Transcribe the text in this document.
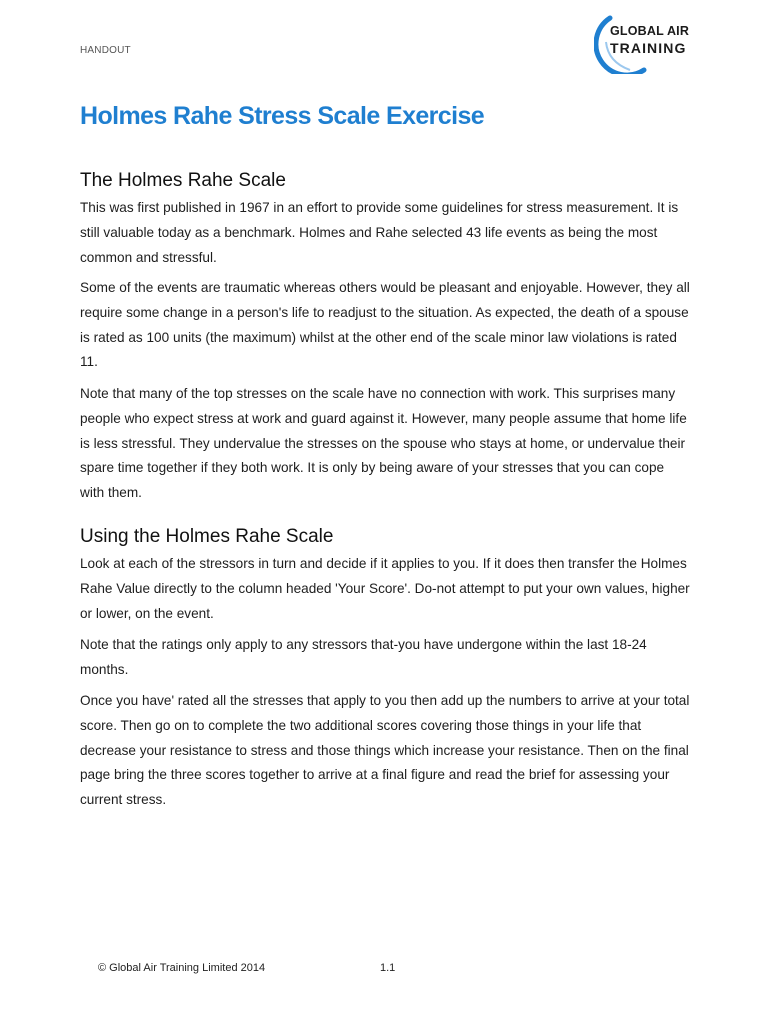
HANDOUT
GLOBAL AIR
TRAINING
Holmes Rahe Stress Scale Exercise
The Holmes Rahe Scale

This was first published in 1967 in an effort to provide some guidelines for stress measurement. It is still valuable today as a benchmark. Holmes and Rahe selected 43 life events as being the most common and stressful.

Some of the events are traumatic whereas others would be pleasant and enjoyable. However, they all require some change in a person's life to readjust to the situation. As expected, the death of a spouse is rated as 100 units (the maximum) whilst at the other end of the scale minor law violations is rated 11.

Note that many of the top stresses on the scale have no connection with work. This surprises many people who expect stress at work and guard against it. However, many people assume that home life is less stressful. They undervalue the stresses on the spouse who stays at home, or undervalue their spare time together if they both work. It is only by being aware of your stresses that you can cope with them.

Using the Holmes Rahe Scale

Look at each of the stressors in turn and decide if it applies to you. If it does then transfer the Holmes Rahe Value directly to the column headed 'Your Score'. Do-not attempt to put your own values, higher or lower, on the event.

Note that the ratings only apply to any stressors that-you have undergone within the last 18-24 months.

Once you have' rated all the stresses that apply to you then add up the numbers to arrive at your total score. Then go on to complete the two additional scores covering those things in your life that decrease your resistance to stress and those things which increase your resistance. Then on the final page bring the three scores together to arrive at a final figure and read the brief for assessing your current stress.

© Global Air Training Limited 2014	1.1
